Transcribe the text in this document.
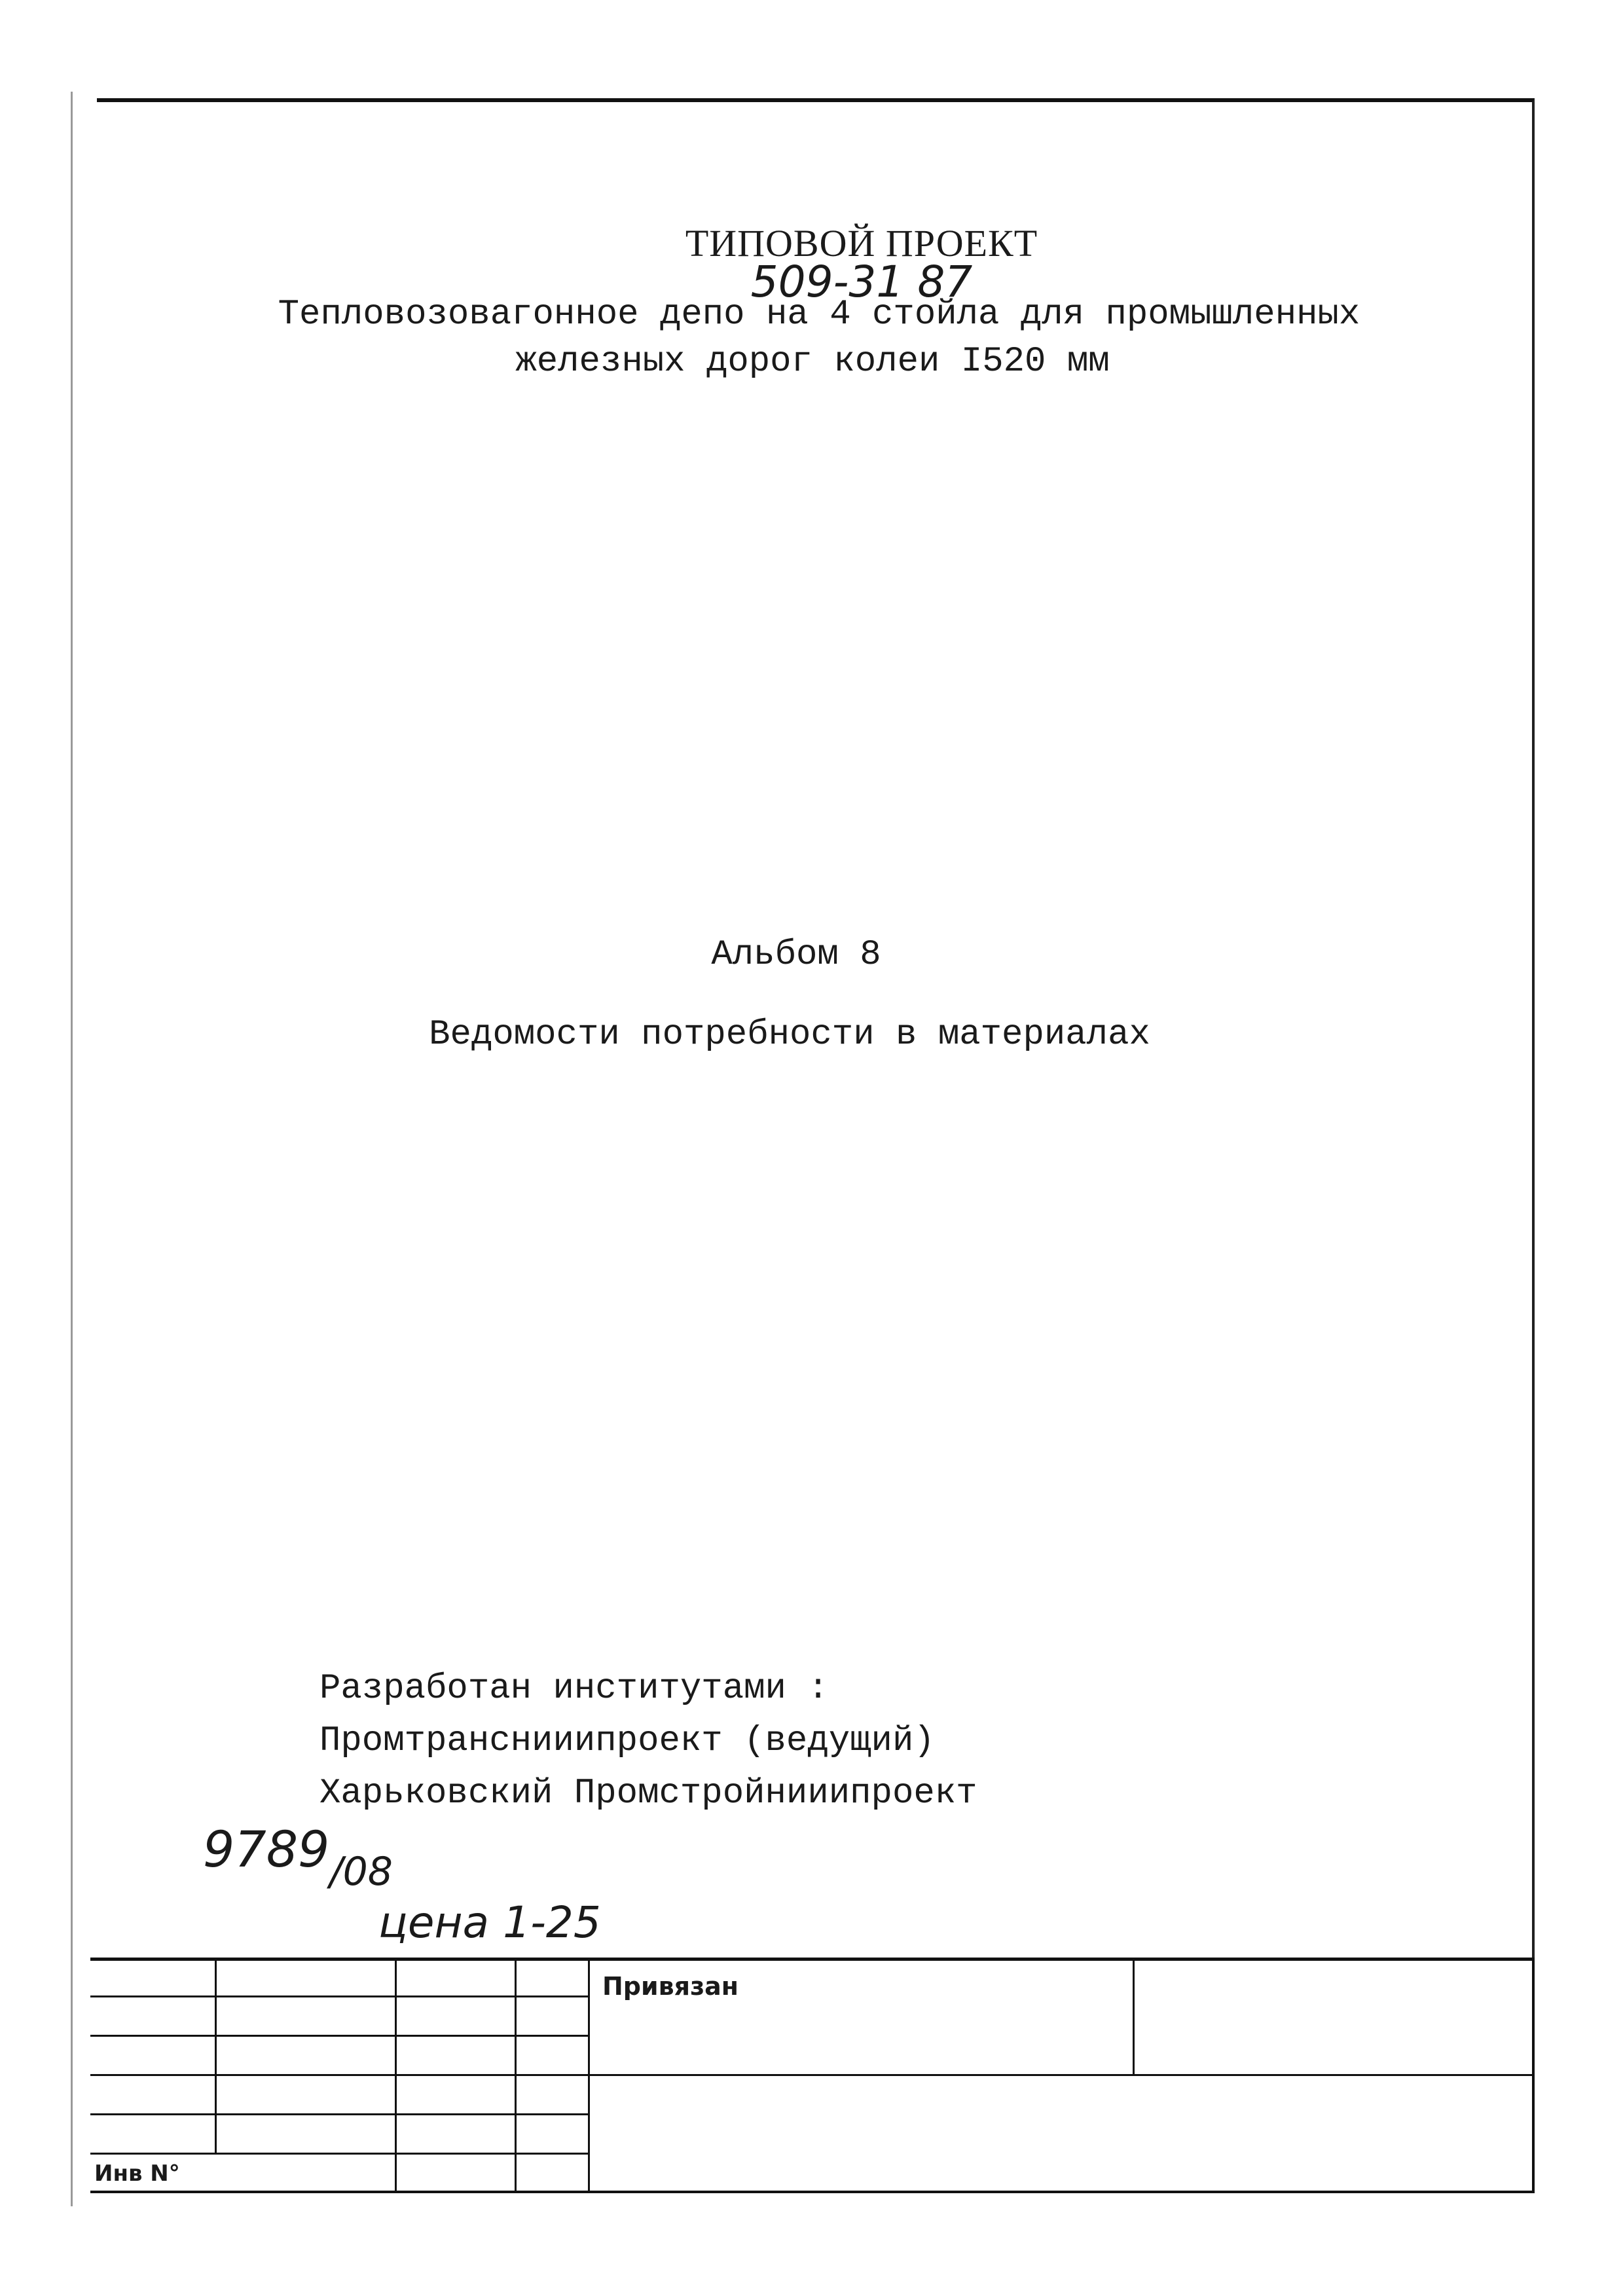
ТИПОВОЙ ПРОЕКТ
509-31 87
Тепловозовагонное депо на 4 стойла для промышленных
железных дорог колеи I520 мм
Альбом 8
Ведомости потребности в материалах
Разработан институтами :
Промтранснииипроект (ведущий)
Харьковский Промстройнииипроект
$9789_{/08}$
цена 1-25
Привязан
Инв N°
